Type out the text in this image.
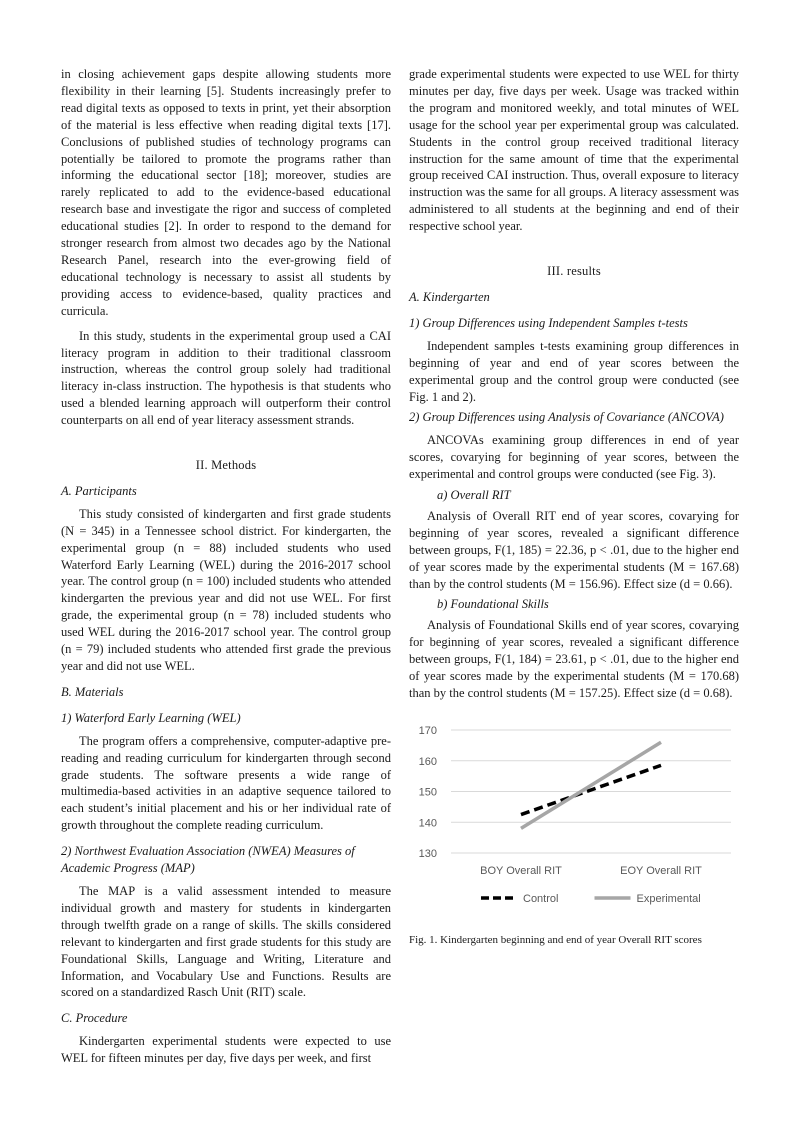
in closing achievement gaps despite allowing students more flexibility in their learning [5]. Students increasingly prefer to read digital texts as opposed to texts in print, yet their absorption of the material is less effective when reading digital texts [17]. Conclusions of published studies of technology programs can potentially be tailored to promote the programs rather than informing the educational sector [18]; moreover, studies are rarely replicated to add to the evidence-based educational research base and investigate the rigor and success of completed educational studies [2]. In order to respond to the demand for stronger research from almost two decades ago by the National Research Panel, research into the ever-growing field of educational technology is necessary to assist all students by providing access to evidence-based, quality practices and curricula.

In this study, students in the experimental group used a CAI literacy program in addition to their traditional classroom instruction, whereas the control group solely had traditional literacy in-class instruction. The hypothesis is that students who used a blended learning approach will outperform their control counterparts on all end of year literacy assessment strands.

II. Methods
A. Participants

This study consisted of kindergarten and first grade students (N = 345) in a Tennessee school district. For kindergarten, the experimental group (n = 88) included students who used Waterford Early Learning (WEL) during the 2016-2017 school year. The control group (n = 100) included students who attended kindergarten the previous year and did not use WEL. For first grade, the experimental group (n = 78) included students who used WEL during the 2016-2017 school year. The control group (n = 79) included students who attended first grade the previous year and did not use WEL.

B. Materials
1) Waterford Early Learning (WEL)

The program offers a comprehensive, computer-adaptive pre-reading and reading curriculum for kindergarten through second grade students. The software presents a wide range of multimedia-based activities in an adaptive sequence tailored to each student’s initial placement and his or her individual rate of growth throughout the complete reading curriculum.

2) Northwest Evaluation Association (NWEA) Measures of Academic Progress (MAP)

The MAP is a valid assessment intended to measure individual growth and mastery for students in kindergarten through twelfth grade on a range of skills. The skills considered relevant to kindergarten and first grade students for this study are Foundational Skills, Language and Writing, Literature and Information, and Vocabulary Use and Functions. Results are scored on a standardized Rasch Unit (RIT) scale.

C. Procedure

Kindergarten experimental students were expected to use WEL for fifteen minutes per day, five days per week, and first

grade experimental students were expected to use WEL for thirty minutes per day, five days per week. Usage was tracked within the program and monitored weekly, and total minutes of WEL usage for the school year per experimental group was calculated. Students in the control group received traditional literacy instruction for the same amount of time that the experimental group received CAI instruction. Thus, overall exposure to literacy instruction was the same for all groups. A literacy assessment was administered to all students at the beginning and end of their respective school year.

III. results
A. Kindergarten
1) Group Differences using Independent Samples t-tests

Independent samples t-tests examining group differences in beginning of year and end of year scores between the experimental group and the control group were conducted (see Fig. 1 and 2).

2) Group Differences using Analysis of Covariance (ANCOVA)

ANCOVAs examining group differences in end of year scores, covarying for beginning of year scores, between the experimental and control groups were conducted (see Fig. 3).

a) Overall RIT

Analysis of Overall RIT end of year scores, covarying for beginning of year scores, revealed a significant difference between groups, F(1, 185) = 22.36, p < .01, due to the higher end of year scores made by the experimental students (M = 167.68) than by the control students (M = 156.96). Effect size (d = 0.66).

b) Foundational Skills

Analysis of Foundational Skills end of year scores, covarying for beginning of year scores, revealed a significant difference between groups, F(1, 184) = 23.61, p < .01, due to the higher end of year scores made by the experimental students (M = 170.68) than by the control students (M = 157.25). Effect size (d = 0.68).

130
140
150
160
170
BOY Overall RIT	EOY Overall RIT
Control	Experimental
Fig. 1. Kindergarten beginning and end of year Overall RIT scores
